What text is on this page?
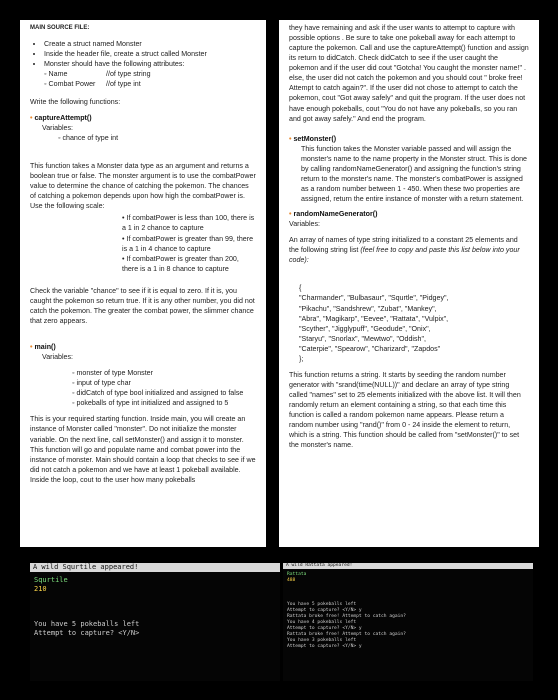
MAIN SOURCE FILE:
• Create a struct named Monster
• Inside the header file, create a struct called Monster
• Monster should have the following attributes:
◦ Name	//of type string
◦ Combat Power //of type int

Write the following functions:

• captureAttempt()
Variables:
◦ chance of type int

This function takes a Monster data type as an argument and returns a boolean true or false. The monster argument is to use the combatPower value to determine the chance of catching the pokemon. The chances of catching a pokemon depends upon how high the combatPower is. Use the following scale:

• If combatPower is less than 100, there is a 1 in 2 chance to capture
• If combatPower is greater than 99, there is a 1 in 4 chance to capture
• If combatPower is greater than 200, there is a 1 in 8 chance to capture

Check the variable "chance" to see if it is equal to zero. If it is, you caught the pokemon so return true. If it is any other number, you did not catch the pokemon. The greater the combat power, the slimmer chance that zero appears.

• main()
Variables:
◦ monster of type Monster
◦ input of type char
◦ didCatch of type bool initialized and assigned to false
◦ pokeballs of type int initialized and assigned to 5

This is your required starting function. Inside main, you will create an instance of Monster called "monster". Do not initialize the monster variable. On the next line, call setMonster() and assign it to monster. This function will go and populate name and combat power into the instance of monster. Main should contain a loop that checks to see if we did not catch a pokemon and we have at least 1 pokeball available. Inside the loop, cout to the user how many pokeballs

they have remaining and ask if the user wants to attempt to capture with possible options . Be sure to take one pokeball away for each attempt to capture the pokemon. Call and use the captureAttempt() function and assign its return to didCatch. Check didCatch to see if the user caught the pokemon and if the user did cout "Gotcha! You caught the monster name!" . else, the user did not catch the pokemon and you should cout " broke free! Attempt to catch again?". If the user did not chose to attempt to catch the pokemon, cout "Got away safely" and quit the program. If the user does not have enough pokeballs, cout "You do not have any pokeballs, so you ran and got away safely." And end the program.

• setMonster()

This function takes the Monster variable passed and will assign the monster's name to the name property in the Monster struct. This is done by calling randomNameGenerator() and assigning the function's string return to the monster's name. The monster's combatPower is assigned as a random number between 1 - 450. When these two properties are assigned, return the entire instance of monster with a return statement.

• randomNameGenerator()
Variables:

An array of names of type string initialized to a constant 25 elements and the following string list (feel free to copy and paste this list below into your code):

{
"Charmander", "Bulbasaur", "Squrtle", "Pidgey",
"Pikachu", "Sandshrew", "Zubat", "Mankey",
"Abra", "Magikarp", "Eevee", "Rattata", "Vulpix",
"Scyther", "Jigglypuff", "Geodude", "Onix",
"Staryu", "Snorlax", "Mewtwo", "Oddish",
"Caterpie", "Spearow", "Charizard", "Zapdos"
};

This function returns a string. It starts by seeding the random number generator with "srand(time(NULL))" and declare an array of type string called "names" set to 25 elements initialized with the above list. It will then randomly return an element containing a string, so that each time this function is called a random pokemon name appears. Please return a random number using "rand()" from 0 - 24 inside the element to return, which is a string. This function should be called from "setMonster()" to set the monster's name.

A wild Squrtile appeared!
Squrtile
210
You have 5 pokeballs left
Attempt to capture? <Y/N>
A wild Rattata appeared!
Rattata
488
You have 5 pokeballs left
Attempt to capture? <Y/N> y
Rattata broke free! Attempt to catch again?
You have 4 pokeballs left
Attempt to capture? <Y/N> y
Rattata broke free! Attempt to catch again?
You have 3 pokeballs left
Attempt to capture? <Y/N> y
